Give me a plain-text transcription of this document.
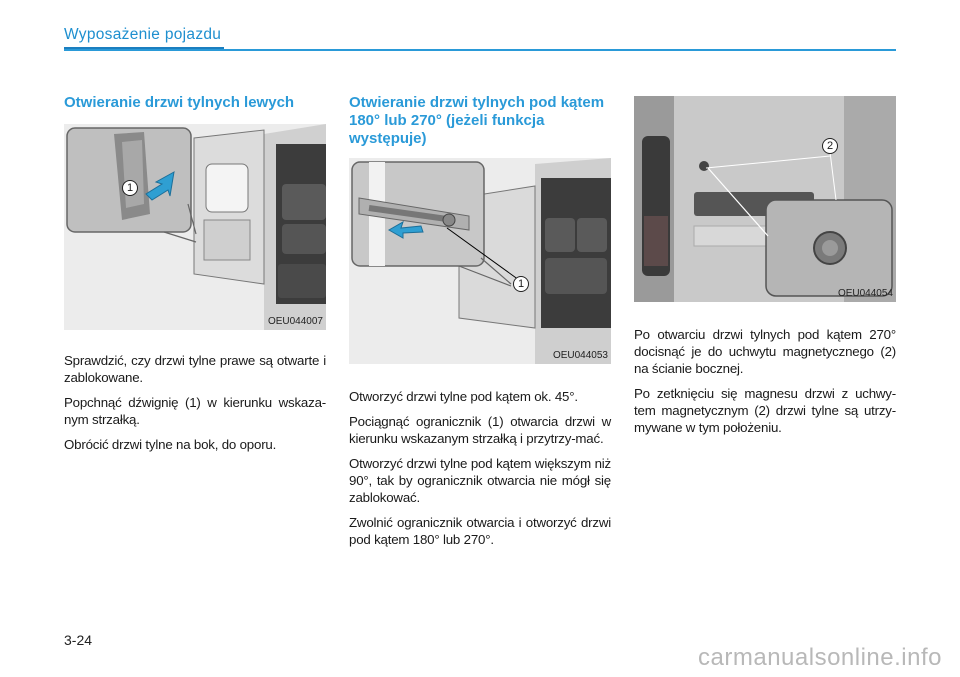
Wyposażenie pojazdu
Otwieranie drzwi tylnych lewych
1
OEU044007

Sprawdzić, czy drzwi tylne prawe są otwarte i zablokowane.

Popchnąć dźwignię (1) w kierunku wskaza-nym strzałką.

Obrócić drzwi tylne na bok, do oporu.

Otwieranie drzwi tylnych pod kątem 180° lub 270° (jeżeli funkcja występuje)
1
OEU044053

Otworzyć drzwi tylne pod kątem ok. 45°.

Pociągnąć ogranicznik (1) otwarcia drzwi w kierunku wskazanym strzałką i przytrzy-mać.

Otworzyć drzwi tylne pod kątem większym niż 90°, tak by ogranicznik otwarcia nie mógł się zablokować.

Zwolnić ogranicznik otwarcia i otworzyć drzwi pod kątem 180° lub 270°.

2
OEU044054

Po otwarciu drzwi tylnych pod kątem 270° docisnąć je do uchwytu magnetycznego (2) na ścianie bocznej.

Po zetknięciu się magnesu drzwi z uchwy-tem magnetycznym (2) drzwi tylne są utrzy-mywane w tym położeniu.

3-24
carmanualsonline.info
